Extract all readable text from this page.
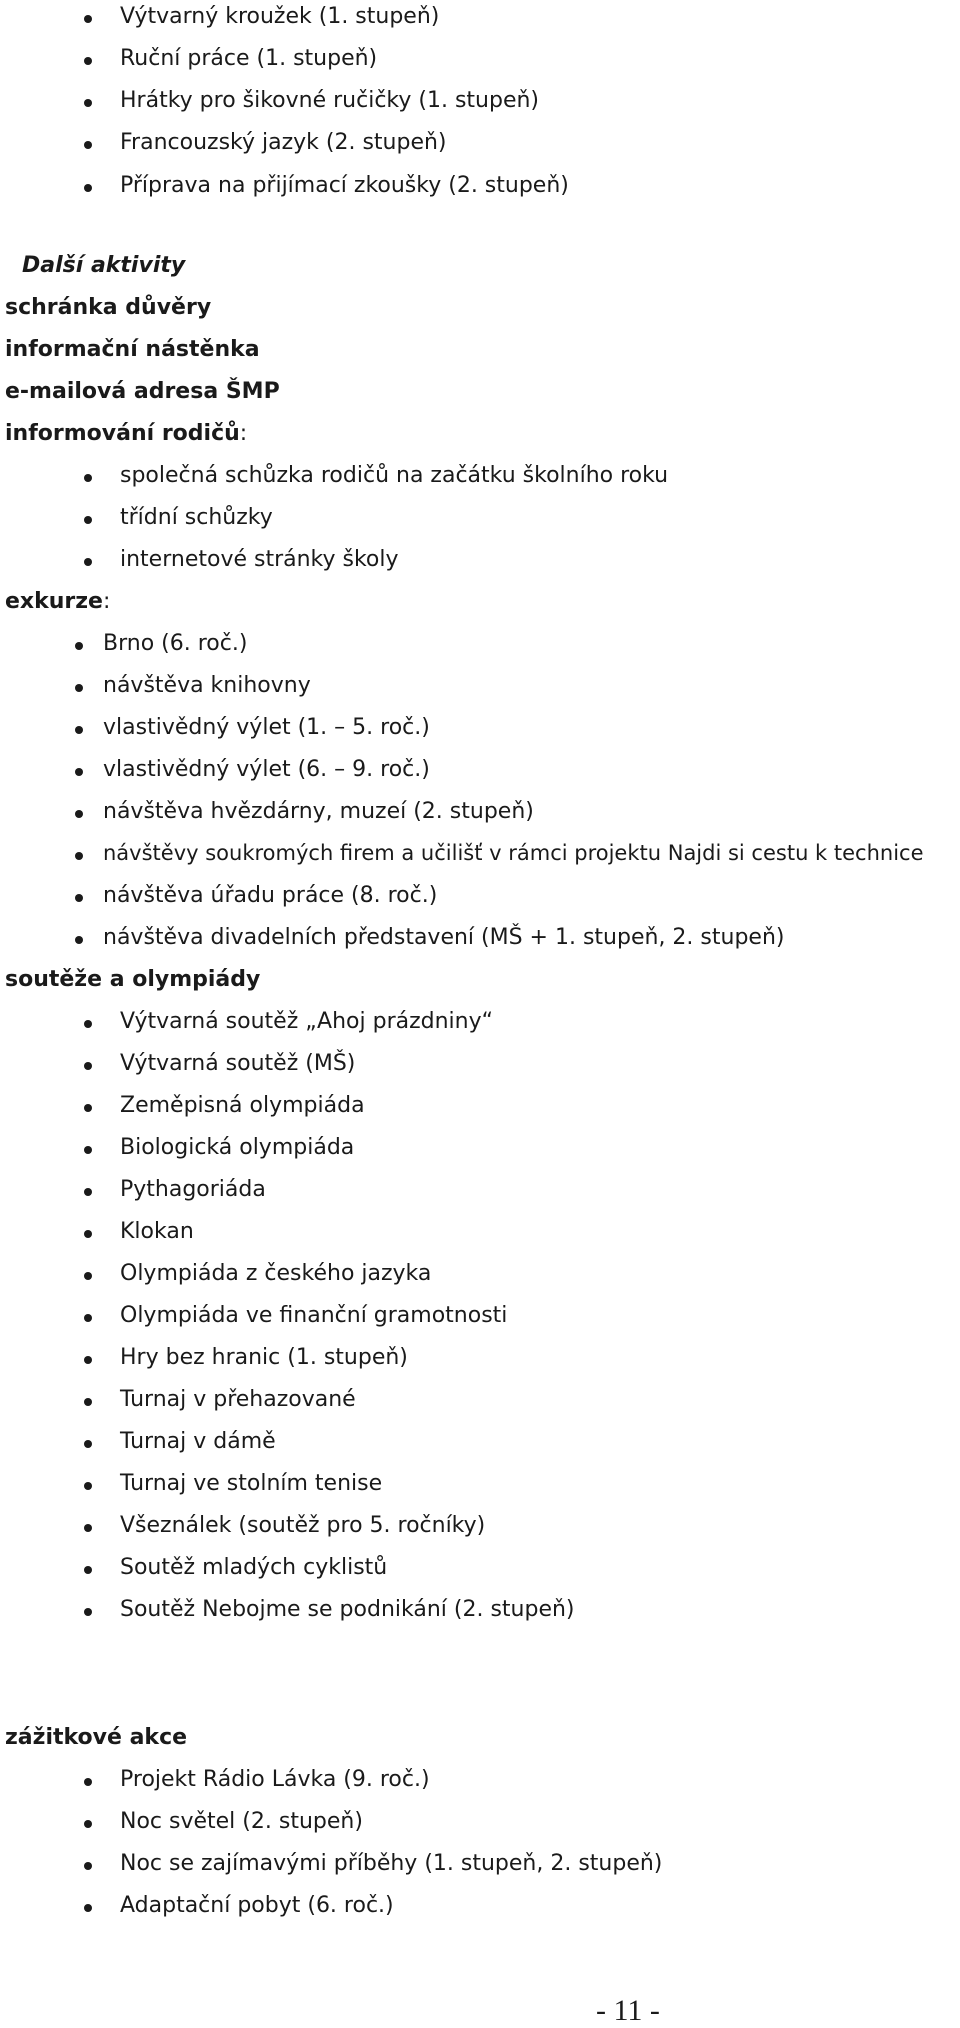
Výtvarný kroužek (1. stupeň)
Ruční práce (1. stupeň)
Hrátky pro šikovné ručičky (1. stupeň)
Francouzský jazyk (2. stupeň)
Příprava na přijímací zkoušky (2. stupeň)
Další aktivity
schránka důvěry
informační nástěnka
e-mailová adresa ŠMP
informování rodičů:
společná schůzka rodičů na začátku školního roku
třídní schůzky
internetové stránky školy
exkurze:
Brno (6. roč.)
návštěva knihovny
vlastivědný výlet (1. – 5. roč.)
vlastivědný výlet (6. – 9. roč.)
návštěva hvězdárny, muzeí (2. stupeň)
návštěvy soukromých firem a učilišť v rámci projektu Najdi si cestu k technice
návštěva úřadu práce (8. roč.)
návštěva divadelních představení (MŠ + 1. stupeň, 2. stupeň)
soutěže a olympiády
Výtvarná soutěž „Ahoj prázdniny“
Výtvarná soutěž (MŠ)
Zeměpisná olympiáda
Biologická olympiáda
Pythagoriáda
Klokan
Olympiáda z českého jazyka
Olympiáda ve finanční gramotnosti
Hry bez hranic (1. stupeň)
Turnaj v přehazované
Turnaj v dámě
Turnaj ve stolním tenise
Všeználek (soutěž pro 5. ročníky)
Soutěž mladých cyklistů
Soutěž Nebojme se podnikání (2. stupeň)
zážitkové akce
Projekt Rádio Lávka (9. roč.)
Noc světel (2. stupeň)
Noc se zajímavými příběhy (1. stupeň, 2. stupeň)
Adaptační pobyt (6. roč.)
- 11 -
